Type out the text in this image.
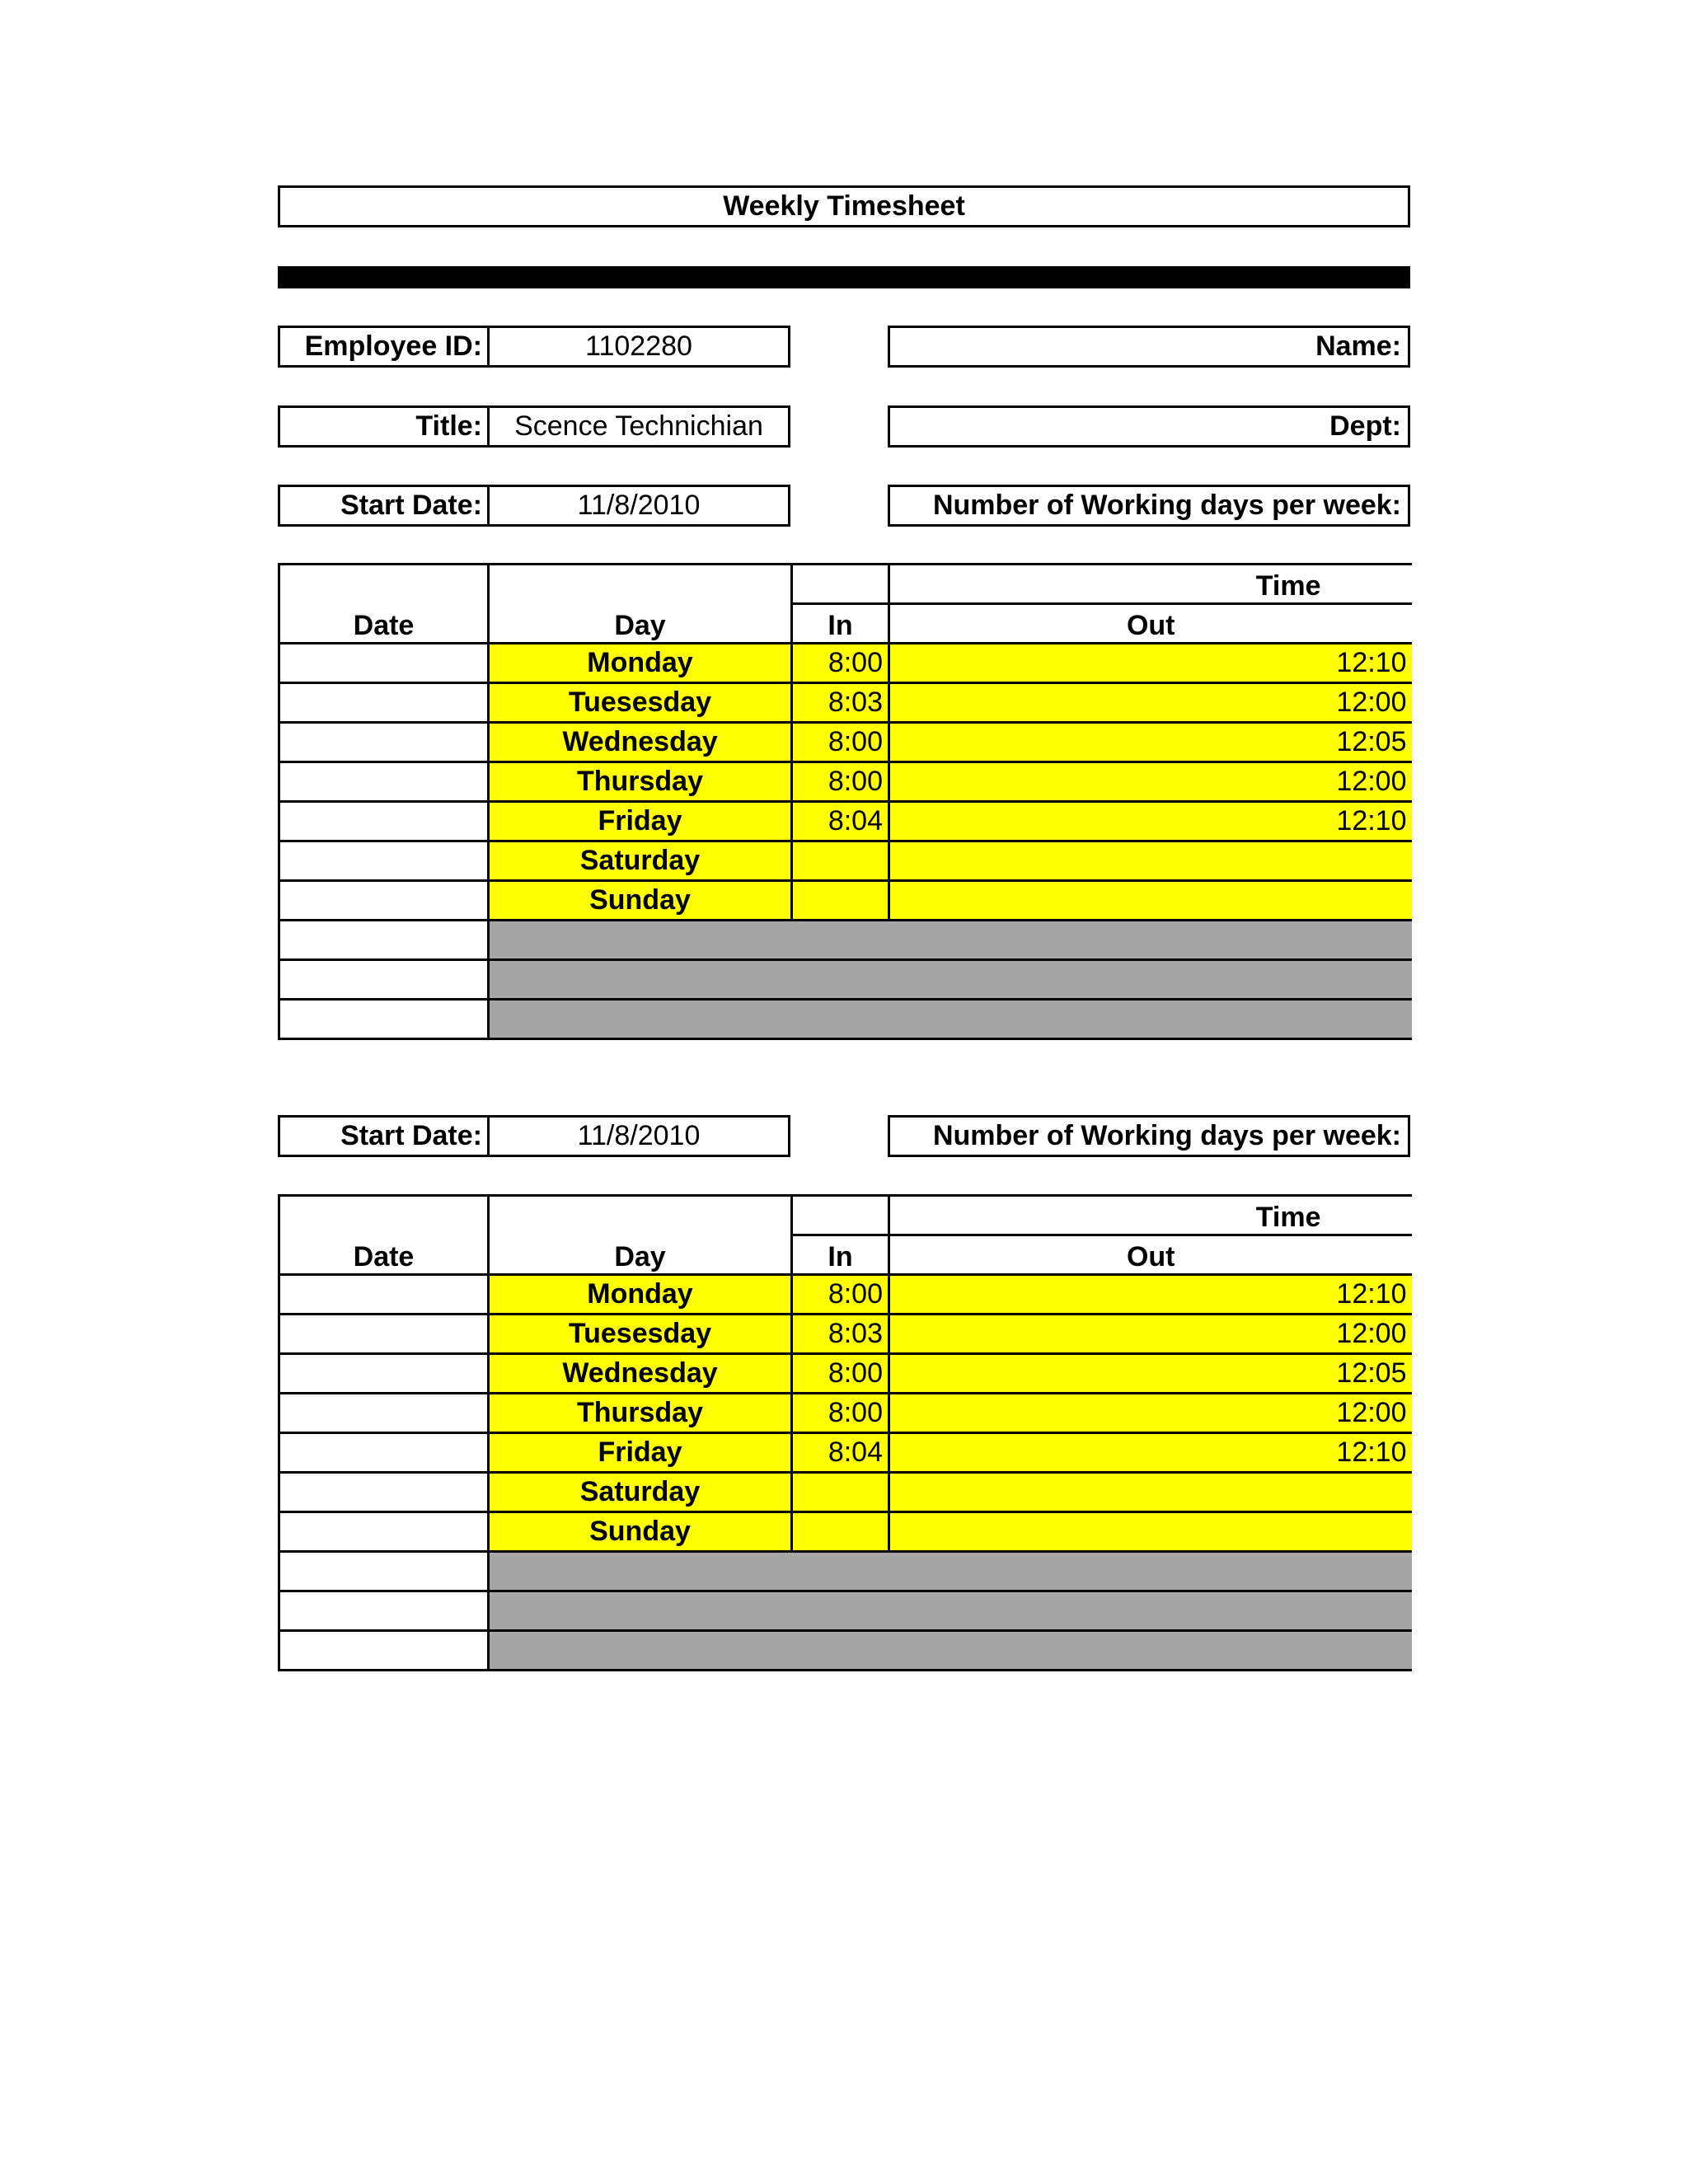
Weekly Timesheet
Employee ID:	1102280	Name:
Title:	Scence Technichian	Dept:
Start Date:	11/8/2010	Number of Working days per week:
Date	Day		Time
		In	Out
	Monday	8:00	12:10
	Tuesesday	8:03	12:00
	Wednesday	8:00	12:05
	Thursday	8:00	12:00
	Friday	8:04	12:10
	Saturday		
	Sunday		

Start Date:	11/8/2010	Number of Working days per week:
Date	Day		Time
		In	Out
	Monday	8:00	12:10
	Tuesesday	8:03	12:00
	Wednesday	8:00	12:05
	Thursday	8:00	12:00
	Friday	8:04	12:10
	Saturday		
	Sunday		
